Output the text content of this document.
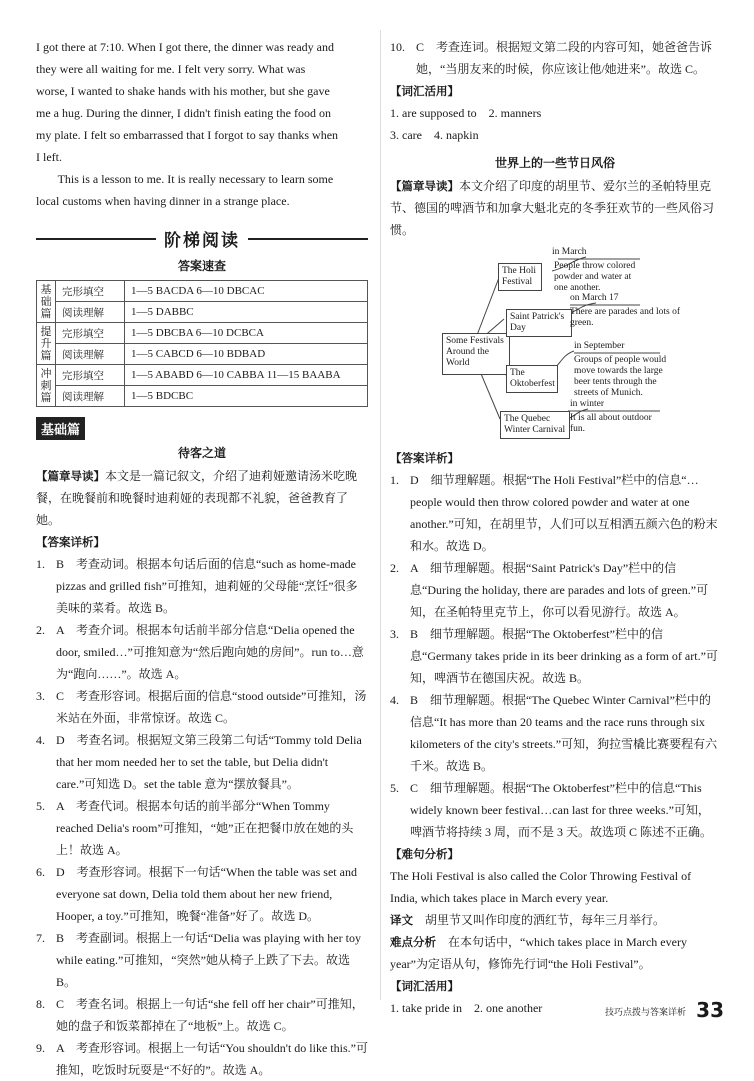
I got there at 7:10. When I got there, the dinner was ready and

they were all waiting for me. I felt very sorry. What was

worse, I wanted to shake hands with his mother, but she gave

me a hug. During the dinner, I didn't finish eating the food on

my plate. I felt so embarrassed that I forgot to say thanks when

I left.

This is a lesson to me. It is really necessary to learn some

local customs when having dinner in a strange place.

阶梯阅读
答案速查
基础篇	完形填空	1—5 BACDA 6—10 DBCAC
	阅读理解	1—5 DABBC
提升篇	完形填空	1—5 DBCBA 6—10 DCBCA
	阅读理解	1—5 CABCD 6—10 BDBAD
冲刺篇	完形填空	1—5 ABABD 6—10 CABBA 11—15 BAABA
	阅读理解	1—5 BDCBC
基础篇
待客之道

【篇章导读】本文是一篇记叙文，介绍了迪莉娅邀请汤米吃晚餐，在晚餐前和晚餐时迪莉娅的表现都不礼貌，爸爸教育了她。

【答案详析】

1. B　考查动词。根据本句话后面的信息“such as home-made pizzas and grilled fish”可推知，迪莉娅的父母能“烹饪”很多美味的菜肴。故选 B。
2. A　考查介词。根据本句话前半部分信息“Delia opened the door, smiled…”可推知意为“然后跑向她的房间”。run to…意为“跑向……”。故选 A。
3. C　考查形容词。根据后面的信息“stood outside”可推知，汤米站在外面，非常惊讶。故选 C。
4. D　考查名词。根据短文第三段第二句话“Tommy told Delia that her mom needed her to set the table, but Delia didn't care.”可知选 D。set the table 意为“摆放餐具”。
5. A　考查代词。根据本句话的前半部分“When Tommy reached Delia's room”可推知，“她”正在把餐巾放在她的头上！故选 A。
6. D　考查形容词。根据下一句话“When the table was set and everyone sat down, Delia told them about her new friend, Hooper, a toy.”可推知，晚餐“准备”好了。故选 D。
7. B　考查副词。根据上一句话“Delia was playing with her toy while eating.”可推知，“突然”她从椅子上跌了下去。故选 B。
8. C　考查名词。根据上一句话“she fell off her chair”可推知，她的盘子和饭菜都掉在了“地板”上。故选 C。
9. A　考查形容词。根据上一句话“You shouldn't do like this.”可推知，吃饭时玩耍是“不好的”。故选 A。
10. C　考查连词。根据短文第二段的内容可知，她爸爸告诉她，“当朋友来的时候，你应该让他/她进来”。故选 C。

【词汇活用】

1. are supposed to　2. manners

3. care　4. napkin

世界上的一些节日风俗

【篇章导读】本文介绍了印度的胡里节、爱尔兰的圣帕特里克节、德国的啤酒节和加拿大魁北克的冬季狂欢节的一些风俗习惯。

Some Festivals Around the World
The Holi Festival
in March
People throw colored powder and water at one another.
Saint Patrick's Day
on March 17
There are parades and lots of green.
The Oktoberfest
in September
Groups of people would move towards the large beer tents through the streets of Munich.
The Quebec Winter Carnival
in winter
It is all about outdoor fun.

【答案详析】

1. D　细节理解题。根据“The Holi Festival”栏中的信息“…people would then throw colored powder and water at one another.”可知，在胡里节，人们可以互相洒五颜六色的粉末和水。故选 D。
2. A　细节理解题。根据“Saint Patrick's Day”栏中的信息“During the holiday, there are parades and lots of green.”可知，在圣帕特里克节上，你可以看见游行。故选 A。
3. B　细节理解题。根据“The Oktoberfest”栏中的信息“Germany takes pride in its beer drinking as a form of art.”可知，啤酒节在德国庆祝。故选 B。
4. B　细节理解题。根据“The Quebec Winter Carnival”栏中的信息“It has more than 20 teams and the race runs through six kilometers of the city's streets.”可知，狗拉雪橇比赛要程有六千米。故选 B。
5. C　细节理解题。根据“The Oktoberfest”栏中的信息“This widely known beer festival…can last for three weeks.”可知，啤酒节将持续 3 周，而不是 3 天。故选项 C 陈述不正确。

【难句分析】

The Holi Festival is also called the Color Throwing Festival of India, which takes place in March every year.

译文　 胡里节又叫作印度的洒红节，每年三月举行。

难点分析　 在本句话中，“which takes place in March every year”为定语从句，修饰先行词“the Holi Festival”。

【词汇活用】

1. take pride in　2. one another	技巧点拨与答案详析 33
